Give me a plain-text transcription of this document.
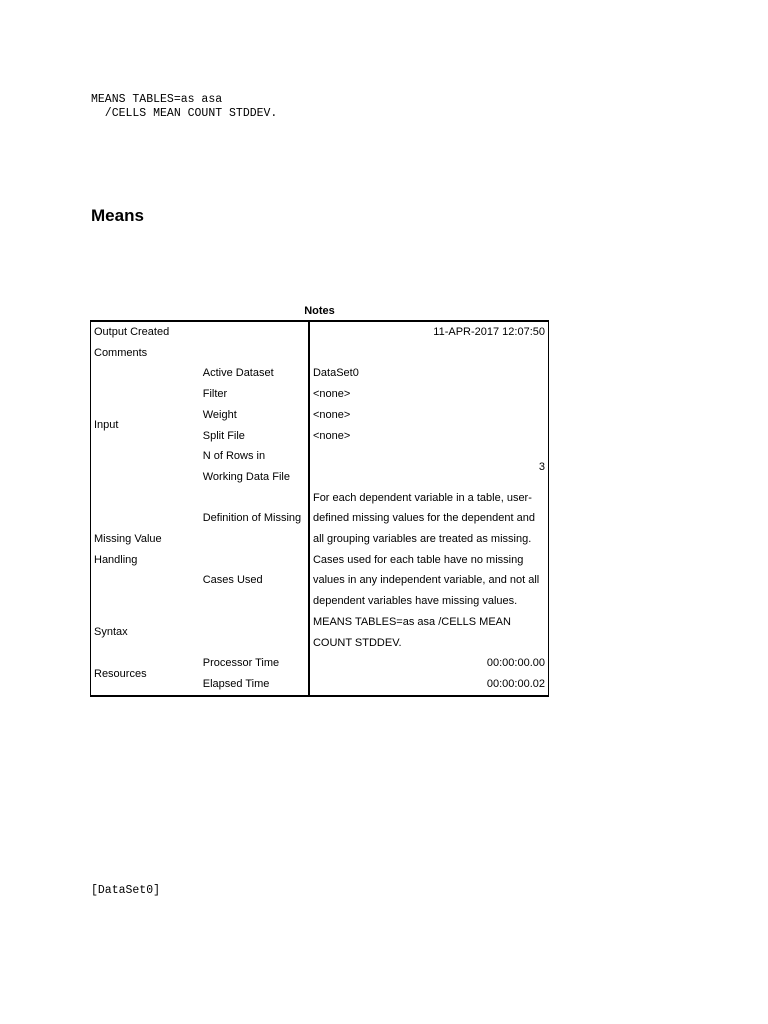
MEANS TABLES=as asa
/CELLS MEAN COUNT STDDEV.
Means
Notes
Output Created		11-APR-2017 12:07:50
Comments		
Input	Active Dataset	DataSet0
	Filter	<none>
	Weight	<none>
	Split File	<none>
	N of Rows in Working Data File	3
Missing Value Handling	Definition of Missing	For each dependent variable in a table, user-defined missing values for the dependent and all grouping variables are treated as missing.
	Cases Used	Cases used for each table have no missing values in any independent variable, and not all dependent variables have missing values.
Syntax		MEANS TABLES=as asa /CELLS MEAN COUNT STDDEV.
Resources	Processor Time	00:00:00.00
	Elapsed Time	00:00:00.02
[DataSet0]
